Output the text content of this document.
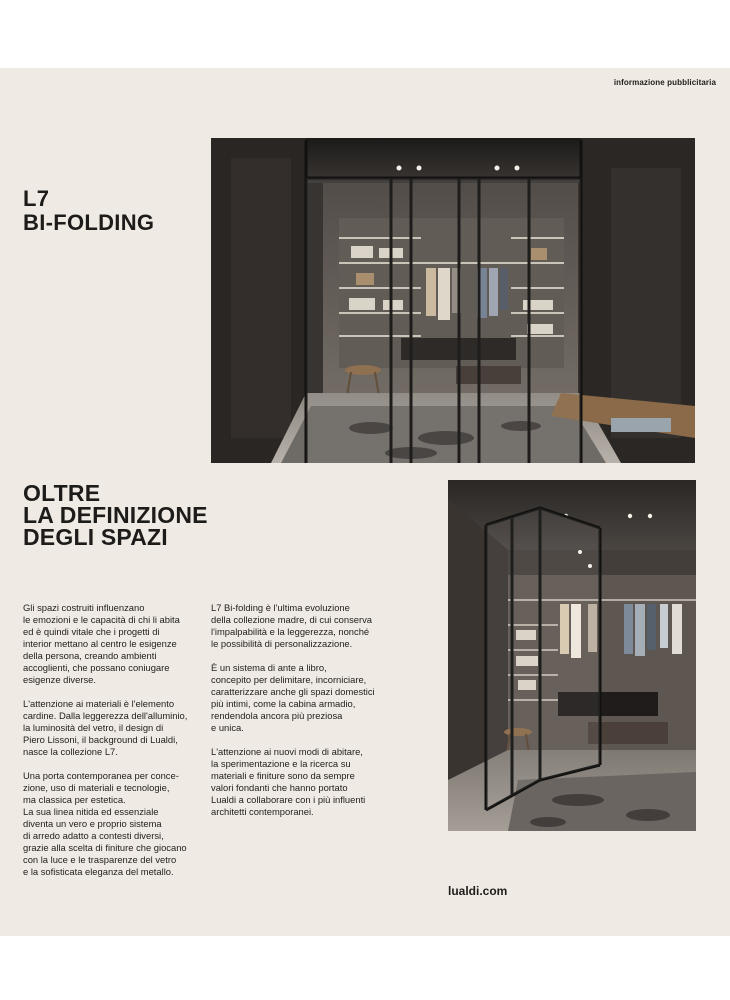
informazione pubblicitaria
L7
BI-FOLDING
OLTRE
LA DEFINIZIONE
DEGLI SPAZI

Gli spazi costruiti influenzano
le emozioni e le capacità di chi li abita
ed è quindi vitale che i progetti di
interior mettano al centro le esigenze
della persona, creando ambienti
accoglienti, che possano coniugare
esigenze diverse.

L'attenzione ai materiali è l'elemento
cardine. Dalla leggerezza dell'alluminio,
la luminosità del vetro, il design di
Piero Lissoni, il background di Lualdi,
nasce la collezione L7.

Una porta contemporanea per conce-
zione, uso di materiali e tecnologie,
ma classica per estetica.
La sua linea nitida ed essenziale
diventa un vero e proprio sistema
di arredo adatto a contesti diversi,
grazie alla scelta di finiture che giocano
con la luce e le trasparenze del vetro
e la sofisticata eleganza del metallo.

L7 Bi-folding è l'ultima evoluzione
della collezione madre, di cui conserva
l'impalpabilità e la leggerezza, nonché
le possibilità di personalizzazione.

È un sistema di ante a libro,
concepito per delimitare, incorniciare,
caratterizzare anche gli spazi domestici
più intimi, come la cabina armadio,
rendendola ancora più preziosa
e unica.

L'attenzione ai nuovi modi di abitare,
la sperimentazione e la ricerca su
materiali e finiture sono da sempre
valori fondanti che hanno portato
Lualdi a collaborare con i più influenti
architetti contemporanei.

lualdi.com
